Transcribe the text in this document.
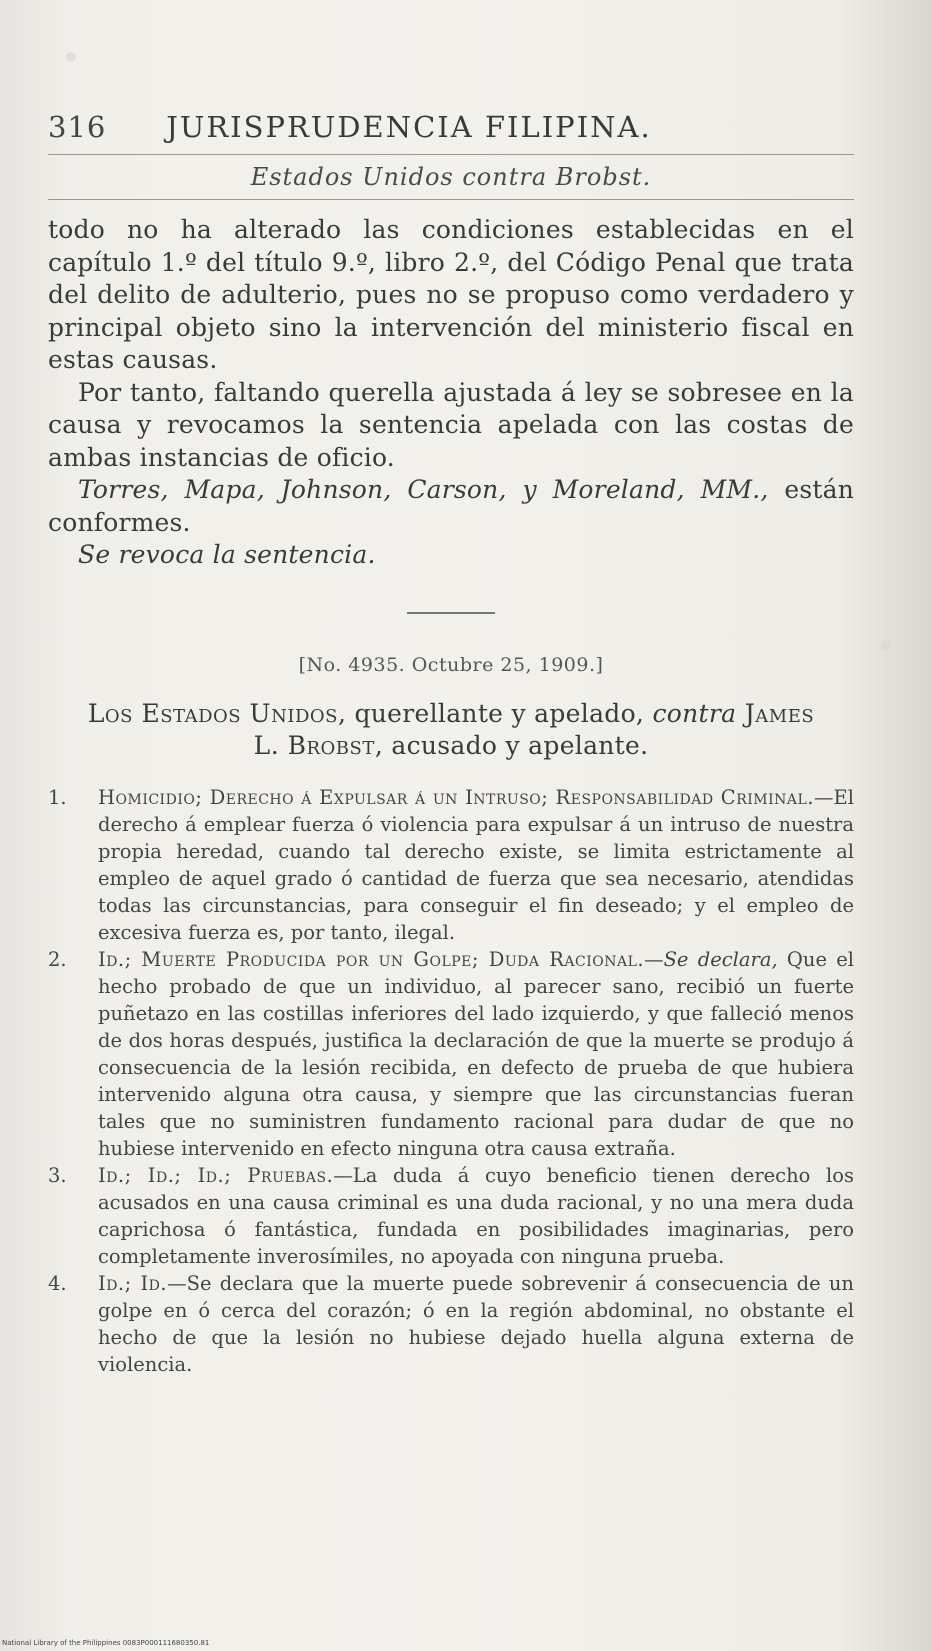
316	JURISPRUDENCIA FILIPINA.
Estados Unidos contra Brobst.

todo no ha alterado las condiciones establecidas en el capítulo 1.º del título 9.º, libro 2.º, del Código Penal que trata del delito de adulterio, pues no se propuso como verdadero y principal objeto sino la intervención del ministerio fiscal en estas causas.

Por tanto, faltando querella ajustada á ley se sobresee en la causa y revocamos la sentencia apelada con las costas de ambas instancias de oficio.

Torres, Mapa, Johnson, Carson, y Moreland, MM., están conformes.

Se revoca la sentencia.

[No. 4935. Octubre 25, 1909.]
Los Estados Unidos, querellante y apelado, contra James
L. Brobst, acusado y apelante.

1.	Homicidio; Derecho á Expulsar á un Intruso; Responsabilidad Criminal.—El derecho á emplear fuerza ó violencia para expulsar á un intruso de nuestra propia heredad, cuando tal derecho existe, se limita estrictamente al empleo de aquel grado ó cantidad de fuerza que sea necesario, atendidas todas las circunstancias, para conseguir el fin deseado; y el empleo de excesiva fuerza es, por tanto, ilegal.

2.	Id.; Muerte Producida por un Golpe; Duda Racional.—Se declara, Que el hecho probado de que un individuo, al parecer sano, recibió un fuerte puñetazo en las costillas inferiores del lado izquierdo, y que falleció menos de dos horas después, justifica la declaración de que la muerte se produjo á consecuencia de la lesión recibida, en defecto de prueba de que hubiera intervenido alguna otra causa, y siempre que las circunstancias fueran tales que no suministren fundamento racional para dudar de que no hubiese intervenido en efecto ninguna otra causa extraña.

3.	Id.; Id.; Id.; Pruebas.—La duda á cuyo beneficio tienen derecho los acusados en una causa criminal es una duda racional, y no una mera duda caprichosa ó fantástica, fundada en posibilidades imaginarias, pero completamente inverosímiles, no apoyada con ninguna prueba.

4.	Id.; Id.—Se declara que la muerte puede sobrevenir á consecuencia de un golpe en ó cerca del corazón; ó en la región abdominal, no obstante el hecho de que la lesión no hubiese dejado huella alguna externa de violencia.

National Library of the Philippines 0083P000111680350.81
